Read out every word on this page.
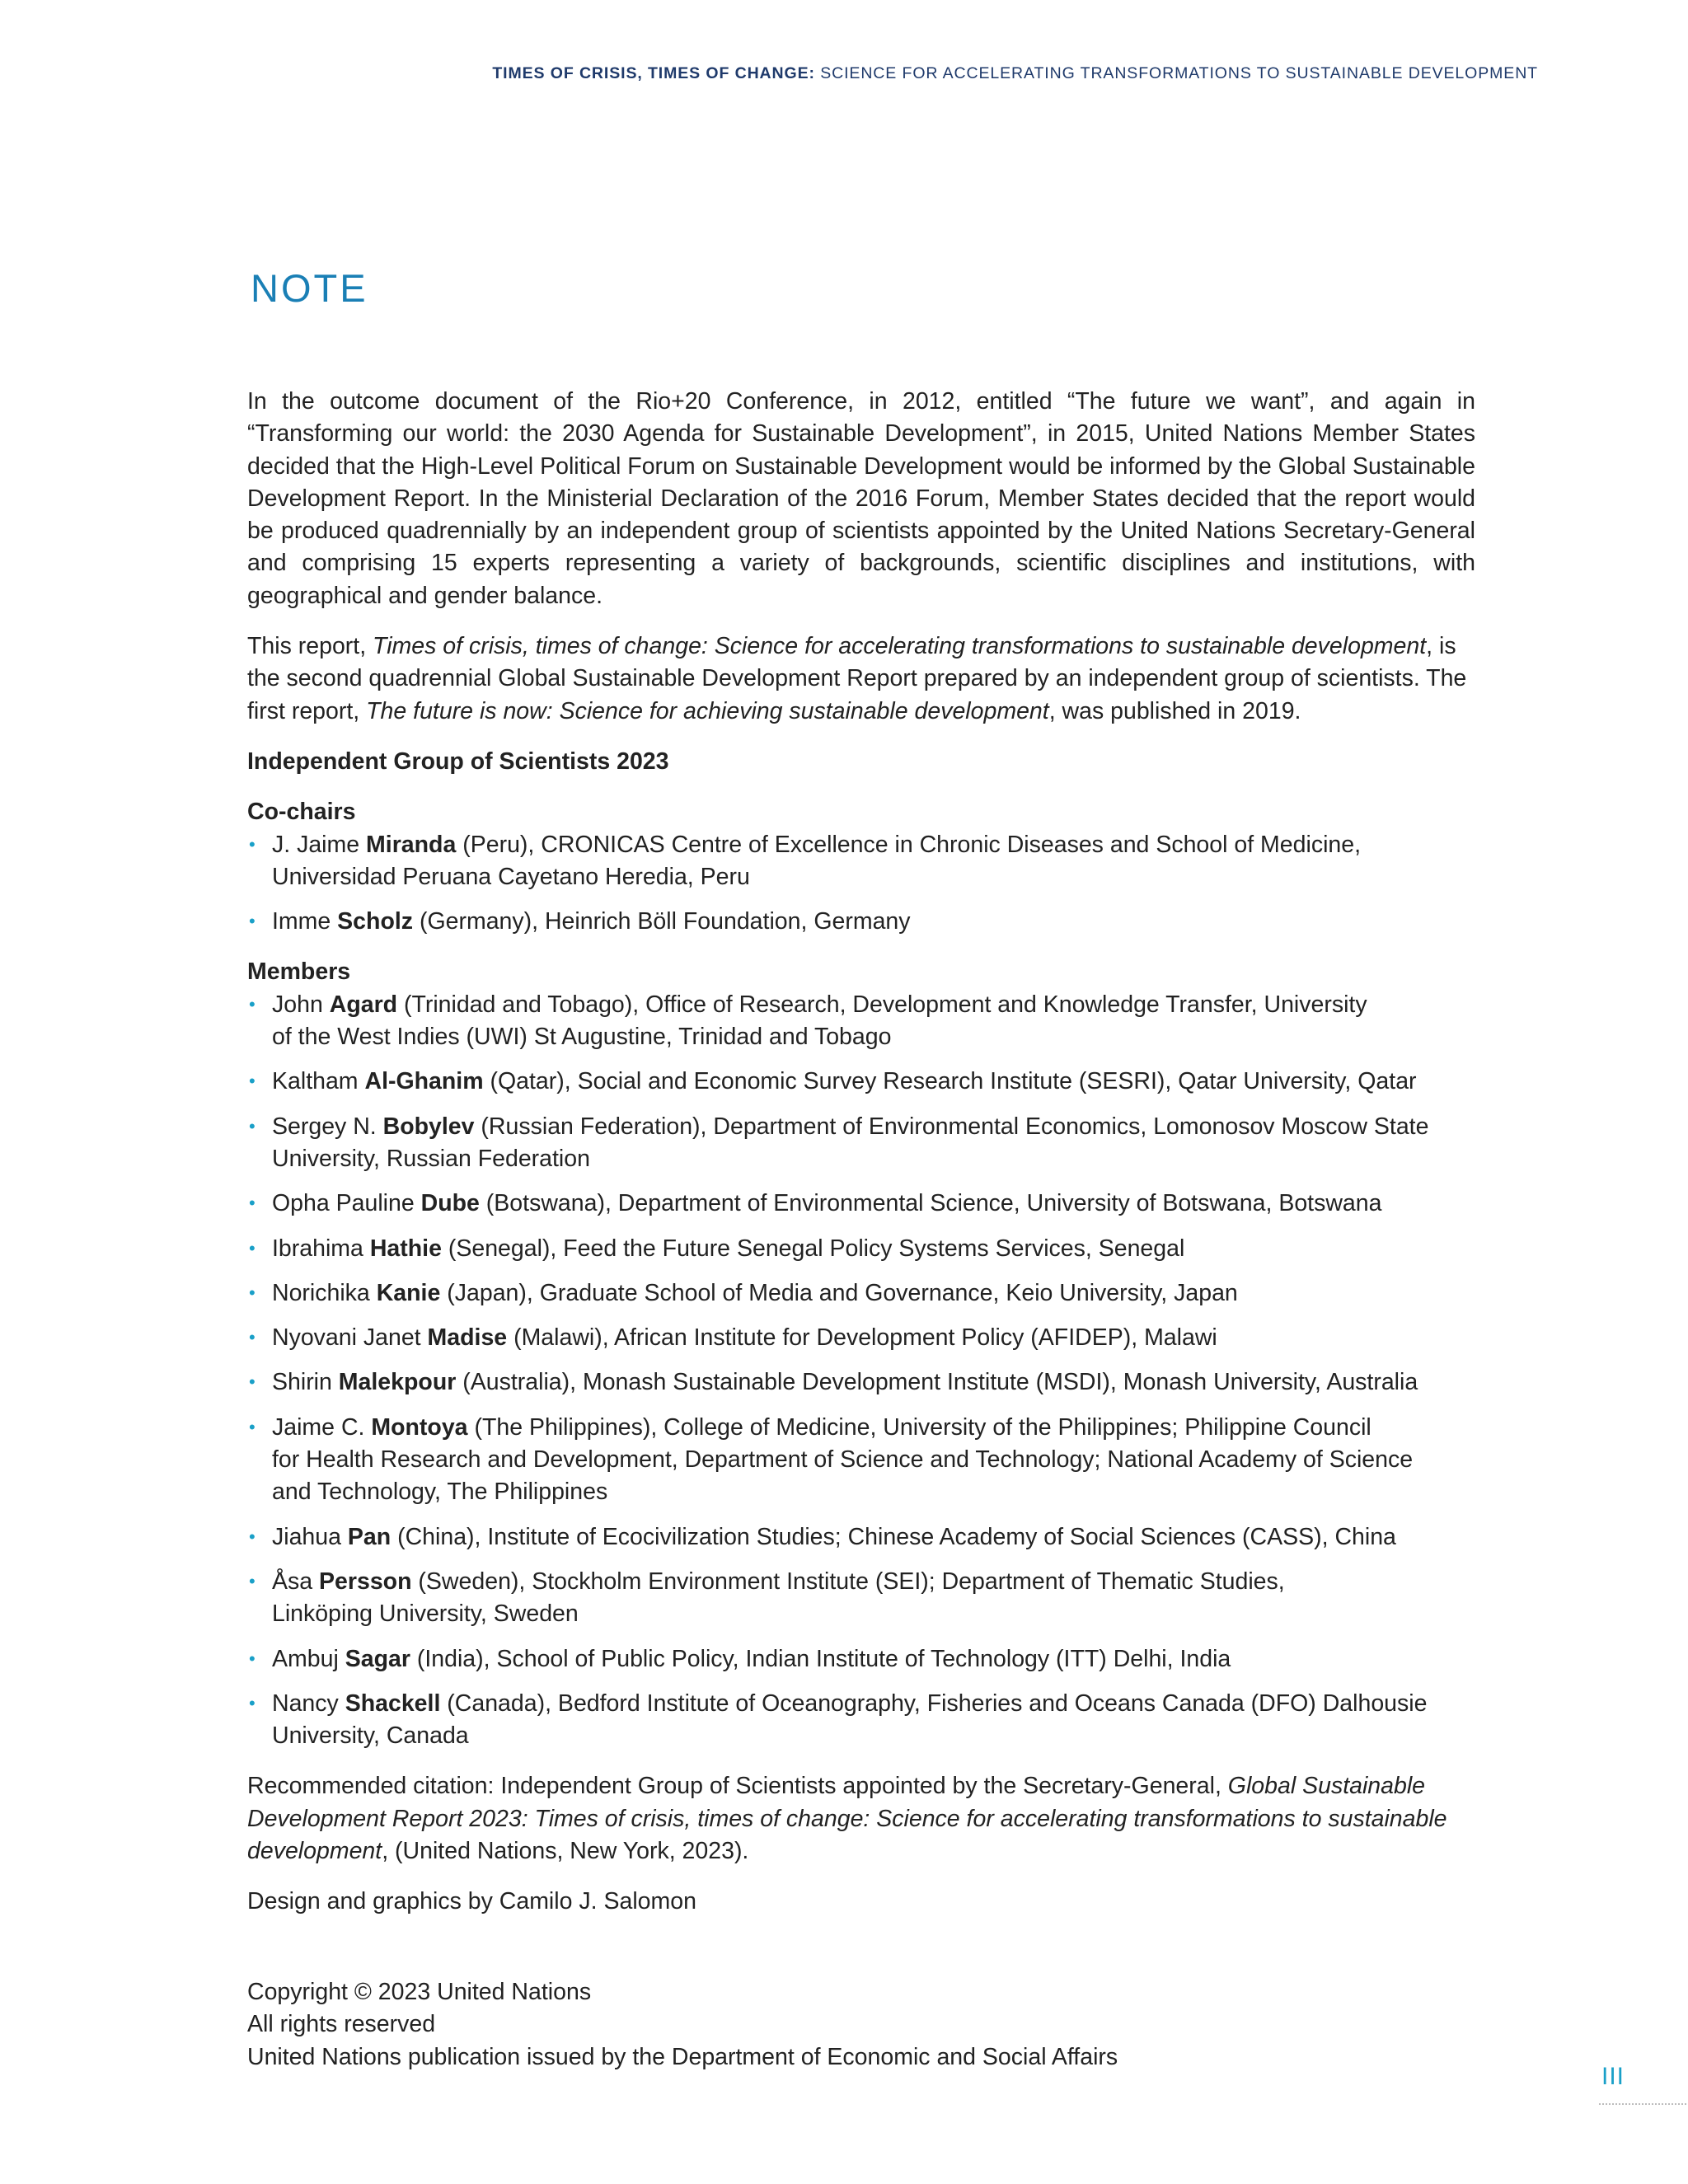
TIMES OF CRISIS, TIMES OF CHANGE: SCIENCE FOR ACCELERATING TRANSFORMATIONS TO SUSTAINABLE DEVELOPMENT
NOTE

In the outcome document of the Rio+20 Conference, in 2012, entitled “The future we want”, and again in “Transforming our world: the 2030 Agenda for Sustainable Development”, in 2015, United Nations Member States decided that the High-Level Political Forum on Sustainable Development would be informed by the Global Sustainable Development Report. In the Ministerial Declaration of the 2016 Forum, Member States decided that the report would be produced quadrennially by an independent group of scientists appointed by the United Nations Secretary-General and comprising 15 experts representing a variety of backgrounds, scientific disciplines and institutions, with geographical and gender balance.

This report, Times of crisis, times of change: Science for accelerating transformations to sustainable development, is the second quadrennial Global Sustainable Development Report prepared by an independent group of scientists. The first report, The future is now: Science for achieving sustainable development, was published in 2019.

Independent Group of Scientists 2023

Co-chairs

• J. Jaime Miranda (Peru), CRONICAS Centre of Excellence in Chronic Diseases and School of Medicine,
Universidad Peruana Cayetano Heredia, Peru
• Imme Scholz (Germany), Heinrich Böll Foundation, Germany

Members

• John Agard (Trinidad and Tobago), Office of Research, Development and Knowledge Transfer, University
of the West Indies (UWI) St Augustine, Trinidad and Tobago
• Kaltham Al-Ghanim (Qatar), Social and Economic Survey Research Institute (SESRI), Qatar University, Qatar
• Sergey N. Bobylev (Russian Federation), Department of Environmental Economics, Lomonosov Moscow State
University, Russian Federation
• Opha Pauline Dube (Botswana), Department of Environmental Science, University of Botswana, Botswana
• Ibrahima Hathie (Senegal), Feed the Future Senegal Policy Systems Services, Senegal
• Norichika Kanie (Japan), Graduate School of Media and Governance, Keio University, Japan
• Nyovani Janet Madise (Malawi), African Institute for Development Policy (AFIDEP), Malawi
• Shirin Malekpour (Australia), Monash Sustainable Development Institute (MSDI), Monash University, Australia
• Jaime C. Montoya (The Philippines), College of Medicine, University of the Philippines; Philippine Council
for Health Research and Development, Department of Science and Technology; National Academy of Science
and Technology, The Philippines
• Jiahua Pan (China), Institute of Ecocivilization Studies; Chinese Academy of Social Sciences (CASS), China
• Åsa Persson (Sweden), Stockholm Environment Institute (SEI); Department of Thematic Studies,
Linköping University, Sweden
• Ambuj Sagar (India), School of Public Policy, Indian Institute of Technology (ITT) Delhi, India
• Nancy Shackell (Canada), Bedford Institute of Oceanography, Fisheries and Oceans Canada (DFO) Dalhousie
University, Canada

Recommended citation: Independent Group of Scientists appointed by the Secretary-General, Global Sustainable Development Report 2023: Times of crisis, times of change: Science for accelerating transformations to sustainable development, (United Nations, New York, 2023).

Design and graphics by Camilo J. Salomon

Copyright © 2023 United Nations
All rights reserved
United Nations publication issued by the Department of Economic and Social Affairs
III
